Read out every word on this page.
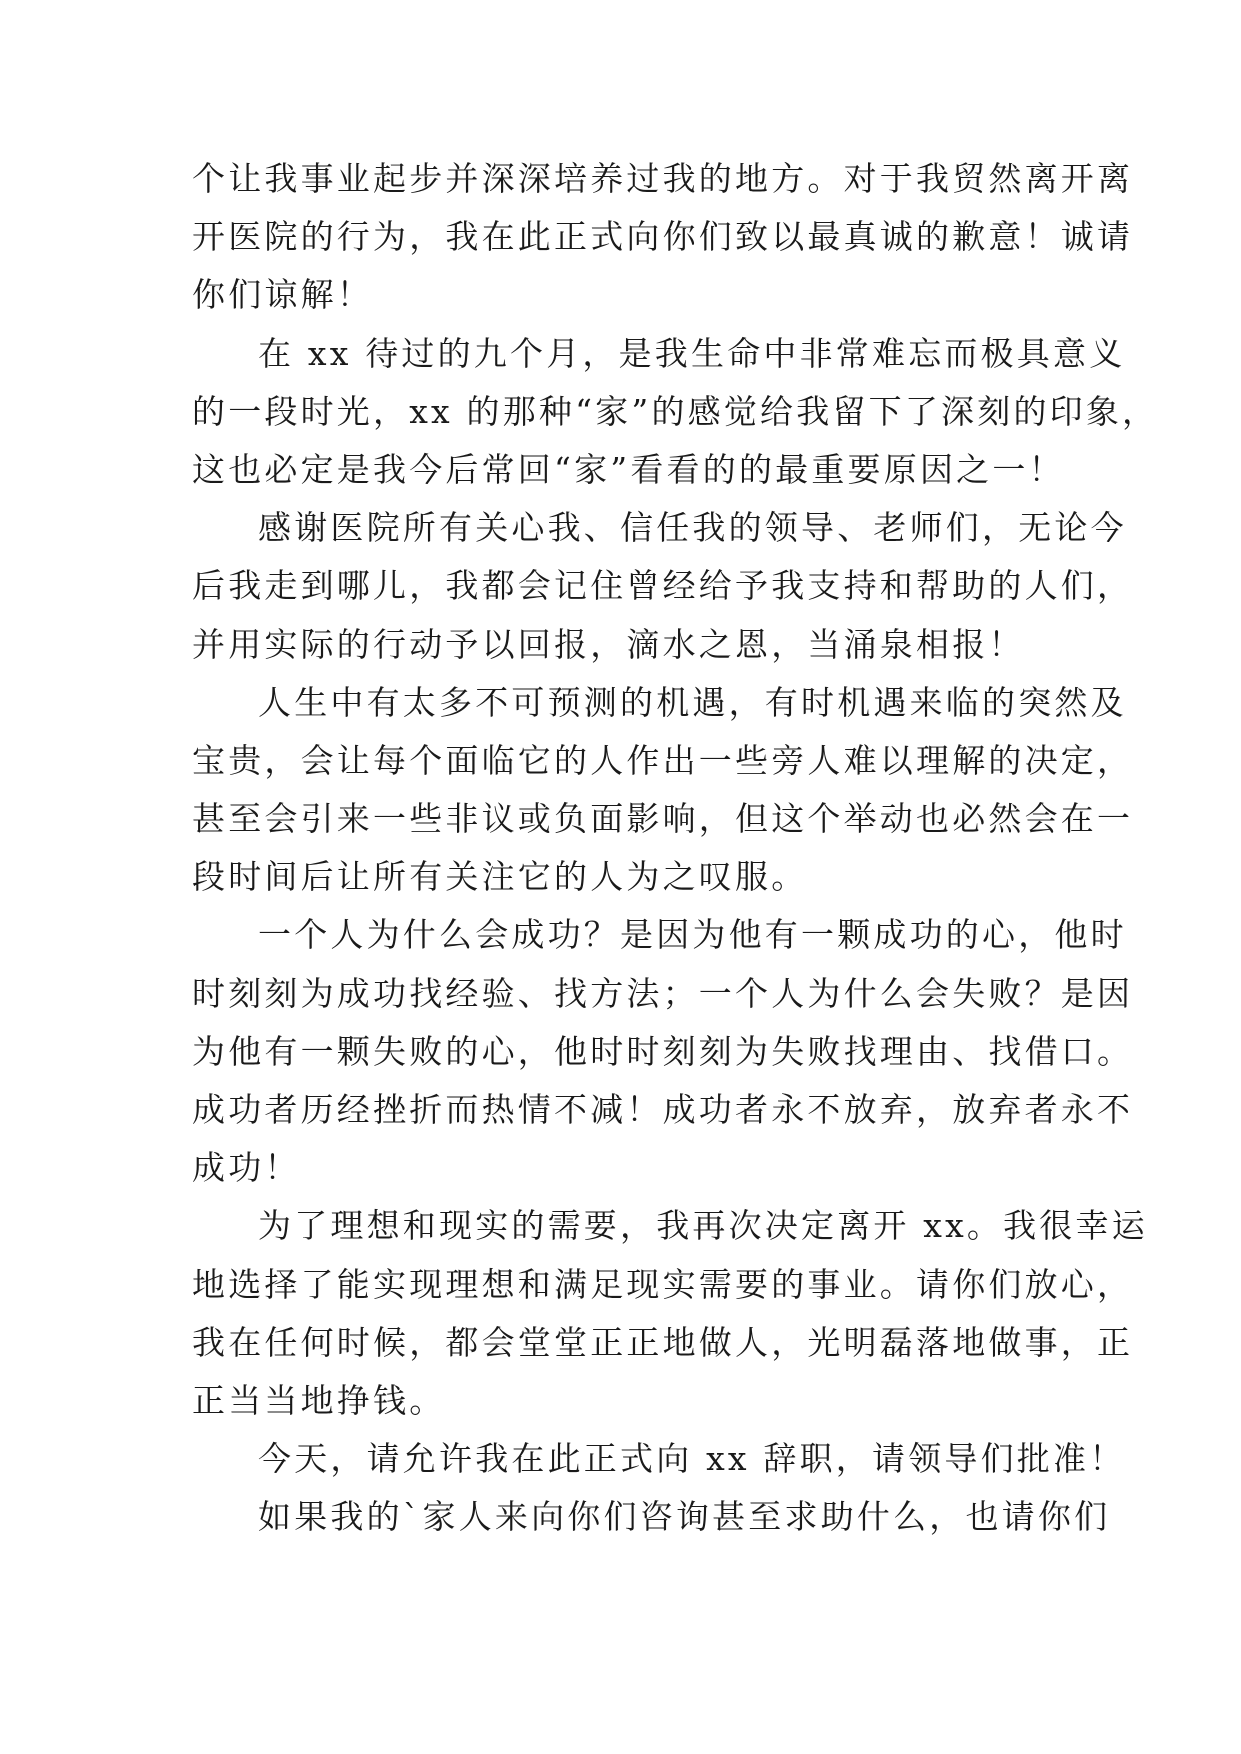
个让我事业起步并深深培养过我的地方。对于我贸然离开离
开医院的行为，我在此正式向你们致以最真诚的歉意！诚请
你们谅解！
在 xx 待过的九个月，是我生命中非常难忘而极具意义
的一段时光，xx 的那种“家”的感觉给我留下了深刻的印象，
这也必定是我今后常回“家”看看的的最重要原因之一！
感谢医院所有关心我、信任我的领导、老师们，无论今
后我走到哪儿，我都会记住曾经给予我支持和帮助的人们，
并用实际的行动予以回报，滴水之恩，当涌泉相报！
人生中有太多不可预测的机遇，有时机遇来临的突然及
宝贵，会让每个面临它的人作出一些旁人难以理解的决定，
甚至会引来一些非议或负面影响，但这个举动也必然会在一
段时间后让所有关注它的人为之叹服。
一个人为什么会成功？是因为他有一颗成功的心，他时
时刻刻为成功找经验、找方法；一个人为什么会失败？是因
为他有一颗失败的心，他时时刻刻为失败找理由、找借口。
成功者历经挫折而热情不减！成功者永不放弃，放弃者永不
成功！
为了理想和现实的需要，我再次决定离开 xx。我很幸运
地选择了能实现理想和满足现实需要的事业。请你们放心，
我在任何时候，都会堂堂正正地做人，光明磊落地做事，正
正当当地挣钱。
今天，请允许我在此正式向 xx 辞职，请领导们批准！
如果我的`家人来向你们咨询甚至求助什么，也请你们
